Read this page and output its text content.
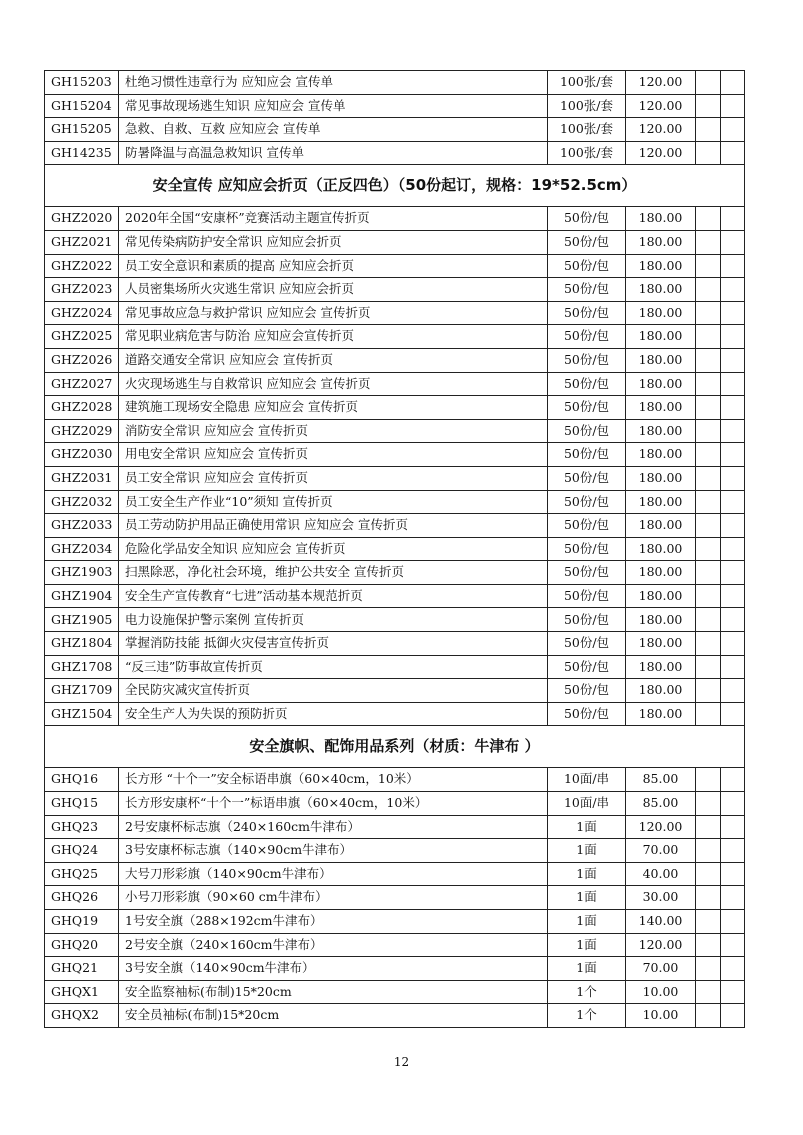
GH15203	杜绝习惯性违章行为 应知应会 宣传单	100张/套	120.00		
GH15204	常见事故现场逃生知识 应知应会 宣传单	100张/套	120.00		
GH15205	急救、自救、互救 应知应会 宣传单	100张/套	120.00		
GH14235	防暑降温与高温急救知识 宣传单	100张/套	120.00		
安全宣传 应知应会折页（正反四色）（50份起订，规格：19*52.5cm）					
GHZ2020	2020年全国“安康杯”竞赛活动主题宣传折页	50份/包	180.00		
GHZ2021	常见传染病防护安全常识 应知应会折页	50份/包	180.00		
GHZ2022	员工安全意识和素质的提高 应知应会折页	50份/包	180.00		
GHZ2023	人员密集场所火灾逃生常识 应知应会折页	50份/包	180.00		
GHZ2024	常见事故应急与救护常识 应知应会 宣传折页	50份/包	180.00		
GHZ2025	常见职业病危害与防治 应知应会宣传折页	50份/包	180.00		
GHZ2026	道路交通安全常识 应知应会 宣传折页	50份/包	180.00		
GHZ2027	火灾现场逃生与自救常识 应知应会 宣传折页	50份/包	180.00		
GHZ2028	建筑施工现场安全隐患 应知应会 宣传折页	50份/包	180.00		
GHZ2029	消防安全常识 应知应会 宣传折页	50份/包	180.00		
GHZ2030	用电安全常识 应知应会 宣传折页	50份/包	180.00		
GHZ2031	员工安全常识 应知应会 宣传折页	50份/包	180.00		
GHZ2032	员工安全生产作业“10”须知 宣传折页	50份/包	180.00		
GHZ2033	员工劳动防护用品正确使用常识 应知应会 宣传折页	50份/包	180.00		
GHZ2034	危险化学品安全知识 应知应会 宣传折页	50份/包	180.00		
GHZ1903	扫黑除恶，净化社会环境，维护公共安全 宣传折页	50份/包	180.00		
GHZ1904	安全生产宣传教育“七进”活动基本规范折页	50份/包	180.00		
GHZ1905	电力设施保护警示案例 宣传折页	50份/包	180.00		
GHZ1804	掌握消防技能 抵御火灾侵害宣传折页	50份/包	180.00		
GHZ1708	“反三违”防事故宣传折页	50份/包	180.00		
GHZ1709	全民防灾减灾宣传折页	50份/包	180.00		
GHZ1504	安全生产人为失误的预防折页	50份/包	180.00		
安全旗帜、配饰用品系列（材质：牛津布 ）					
GHQ16	长方形 “十个一”安全标语串旗（60×40cm，10米）	10面/串	85.00		
GHQ15	长方形安康杯“十个一”标语串旗（60×40cm，10米）	10面/串	85.00		
GHQ23	2号安康杯标志旗（240×160cm牛津布）	1面	120.00		
GHQ24	3号安康杯标志旗（140×90cm牛津布）	1面	70.00		
GHQ25	大号刀形彩旗（140×90cm牛津布）	1面	40.00		
GHQ26	小号刀形彩旗（90×60 cm牛津布）	1面	30.00		
GHQ19	1号安全旗（288×192cm牛津布）	1面	140.00		
GHQ20	2号安全旗（240×160cm牛津布）	1面	120.00		
GHQ21	3号安全旗（140×90cm牛津布）	1面	70.00		
GHQX1	安全监察袖标(布制)15*20cm	1个	10.00		
GHQX2	安全员袖标(布制)15*20cm	1个	10.00		
12
